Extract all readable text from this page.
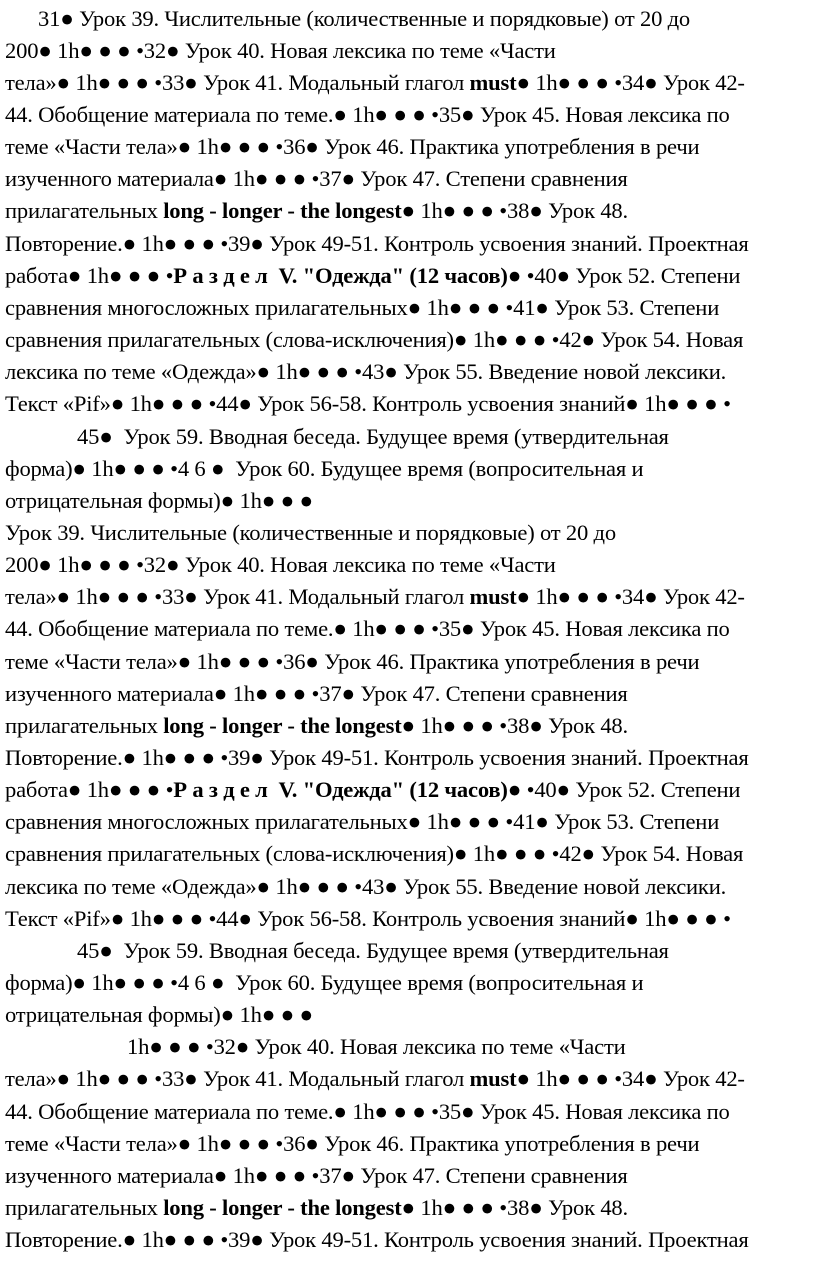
31● Урок 39. Числительные (количественные и порядковые) от 20 до
200● 1h● ● ● •32● Урок 40. Новая лексика по теме «Части
тела»● 1h● ● ● •33● Урок 41. Модальный глагол must● 1h● ● ● •34● Урок 42-
44. Обобщение материала по теме.● 1h● ● ● •35● Урок 45. Новая лексика по
теме «Части тела»● 1h● ● ● •36● Урок 46. Практика употребления в речи
изученного материала● 1h● ● ● •37● Урок 47. Степени сравнения
прилагательных long - longer - the longest● 1h● ● ● •38● Урок 48.
Повторение.● 1h● ● ● •39● Урок 49-51. Контроль усвоения знаний. Проектная
работа● 1h● ● ● •Р а з д е л  V. "Одежда" (12 часов)● •40● Урок 52. Степени
сравнения многосложных прилагательных● 1h● ● ● •41● Урок 53. Степени
сравнения прилагательных (слова-исключения)● 1h● ● ● •42● Урок 54. Новая
лексика по теме «Одежда»● 1h● ● ● •43● Урок 55. Введение новой лексики.
Текст «Pif»● 1h● ● ● •44● Урок 56-58. Контроль усвоения знаний● 1h● ● ● •
45●  Урок 59. Вводная беседа. Будущее время (утвердительная
форма)● 1h● ● ● •4 6 ●  Урок 60. Будущее время (вопросительная и
отрицательная формы)● 1h● ● ●
Урок 39. Числительные (количественные и порядковые) от 20 до
200● 1h● ● ● •32● Урок 40. Новая лексика по теме «Части
тела»● 1h● ● ● •33● Урок 41. Модальный глагол must● 1h● ● ● •34● Урок 42-
44. Обобщение материала по теме.● 1h● ● ● •35● Урок 45. Новая лексика по
теме «Части тела»● 1h● ● ● •36● Урок 46. Практика употребления в речи
изученного материала● 1h● ● ● •37● Урок 47. Степени сравнения
прилагательных long - longer - the longest● 1h● ● ● •38● Урок 48.
Повторение.● 1h● ● ● •39● Урок 49-51. Контроль усвоения знаний. Проектная
работа● 1h● ● ● •Р а з д е л  V. "Одежда" (12 часов)● •40● Урок 52. Степени
сравнения многосложных прилагательных● 1h● ● ● •41● Урок 53. Степени
сравнения прилагательных (слова-исключения)● 1h● ● ● •42● Урок 54. Новая
лексика по теме «Одежда»● 1h● ● ● •43● Урок 55. Введение новой лексики.
Текст «Pif»● 1h● ● ● •44● Урок 56-58. Контроль усвоения знаний● 1h● ● ● •
45●  Урок 59. Вводная беседа. Будущее время (утвердительная
форма)● 1h● ● ● •4 6 ●  Урок 60. Будущее время (вопросительная и
отрицательная формы)● 1h● ● ●
1h● ● ● •32● Урок 40. Новая лексика по теме «Части
тела»● 1h● ● ● •33● Урок 41. Модальный глагол must● 1h● ● ● •34● Урок 42-
44. Обобщение материала по теме.● 1h● ● ● •35● Урок 45. Новая лексика по
теме «Части тела»● 1h● ● ● •36● Урок 46. Практика употребления в речи
изученного материала● 1h● ● ● •37● Урок 47. Степени сравнения
прилагательных long - longer - the longest● 1h● ● ● •38● Урок 48.
Повторение.● 1h● ● ● •39● Урок 49-51. Контроль усвоения знаний. Проектная
